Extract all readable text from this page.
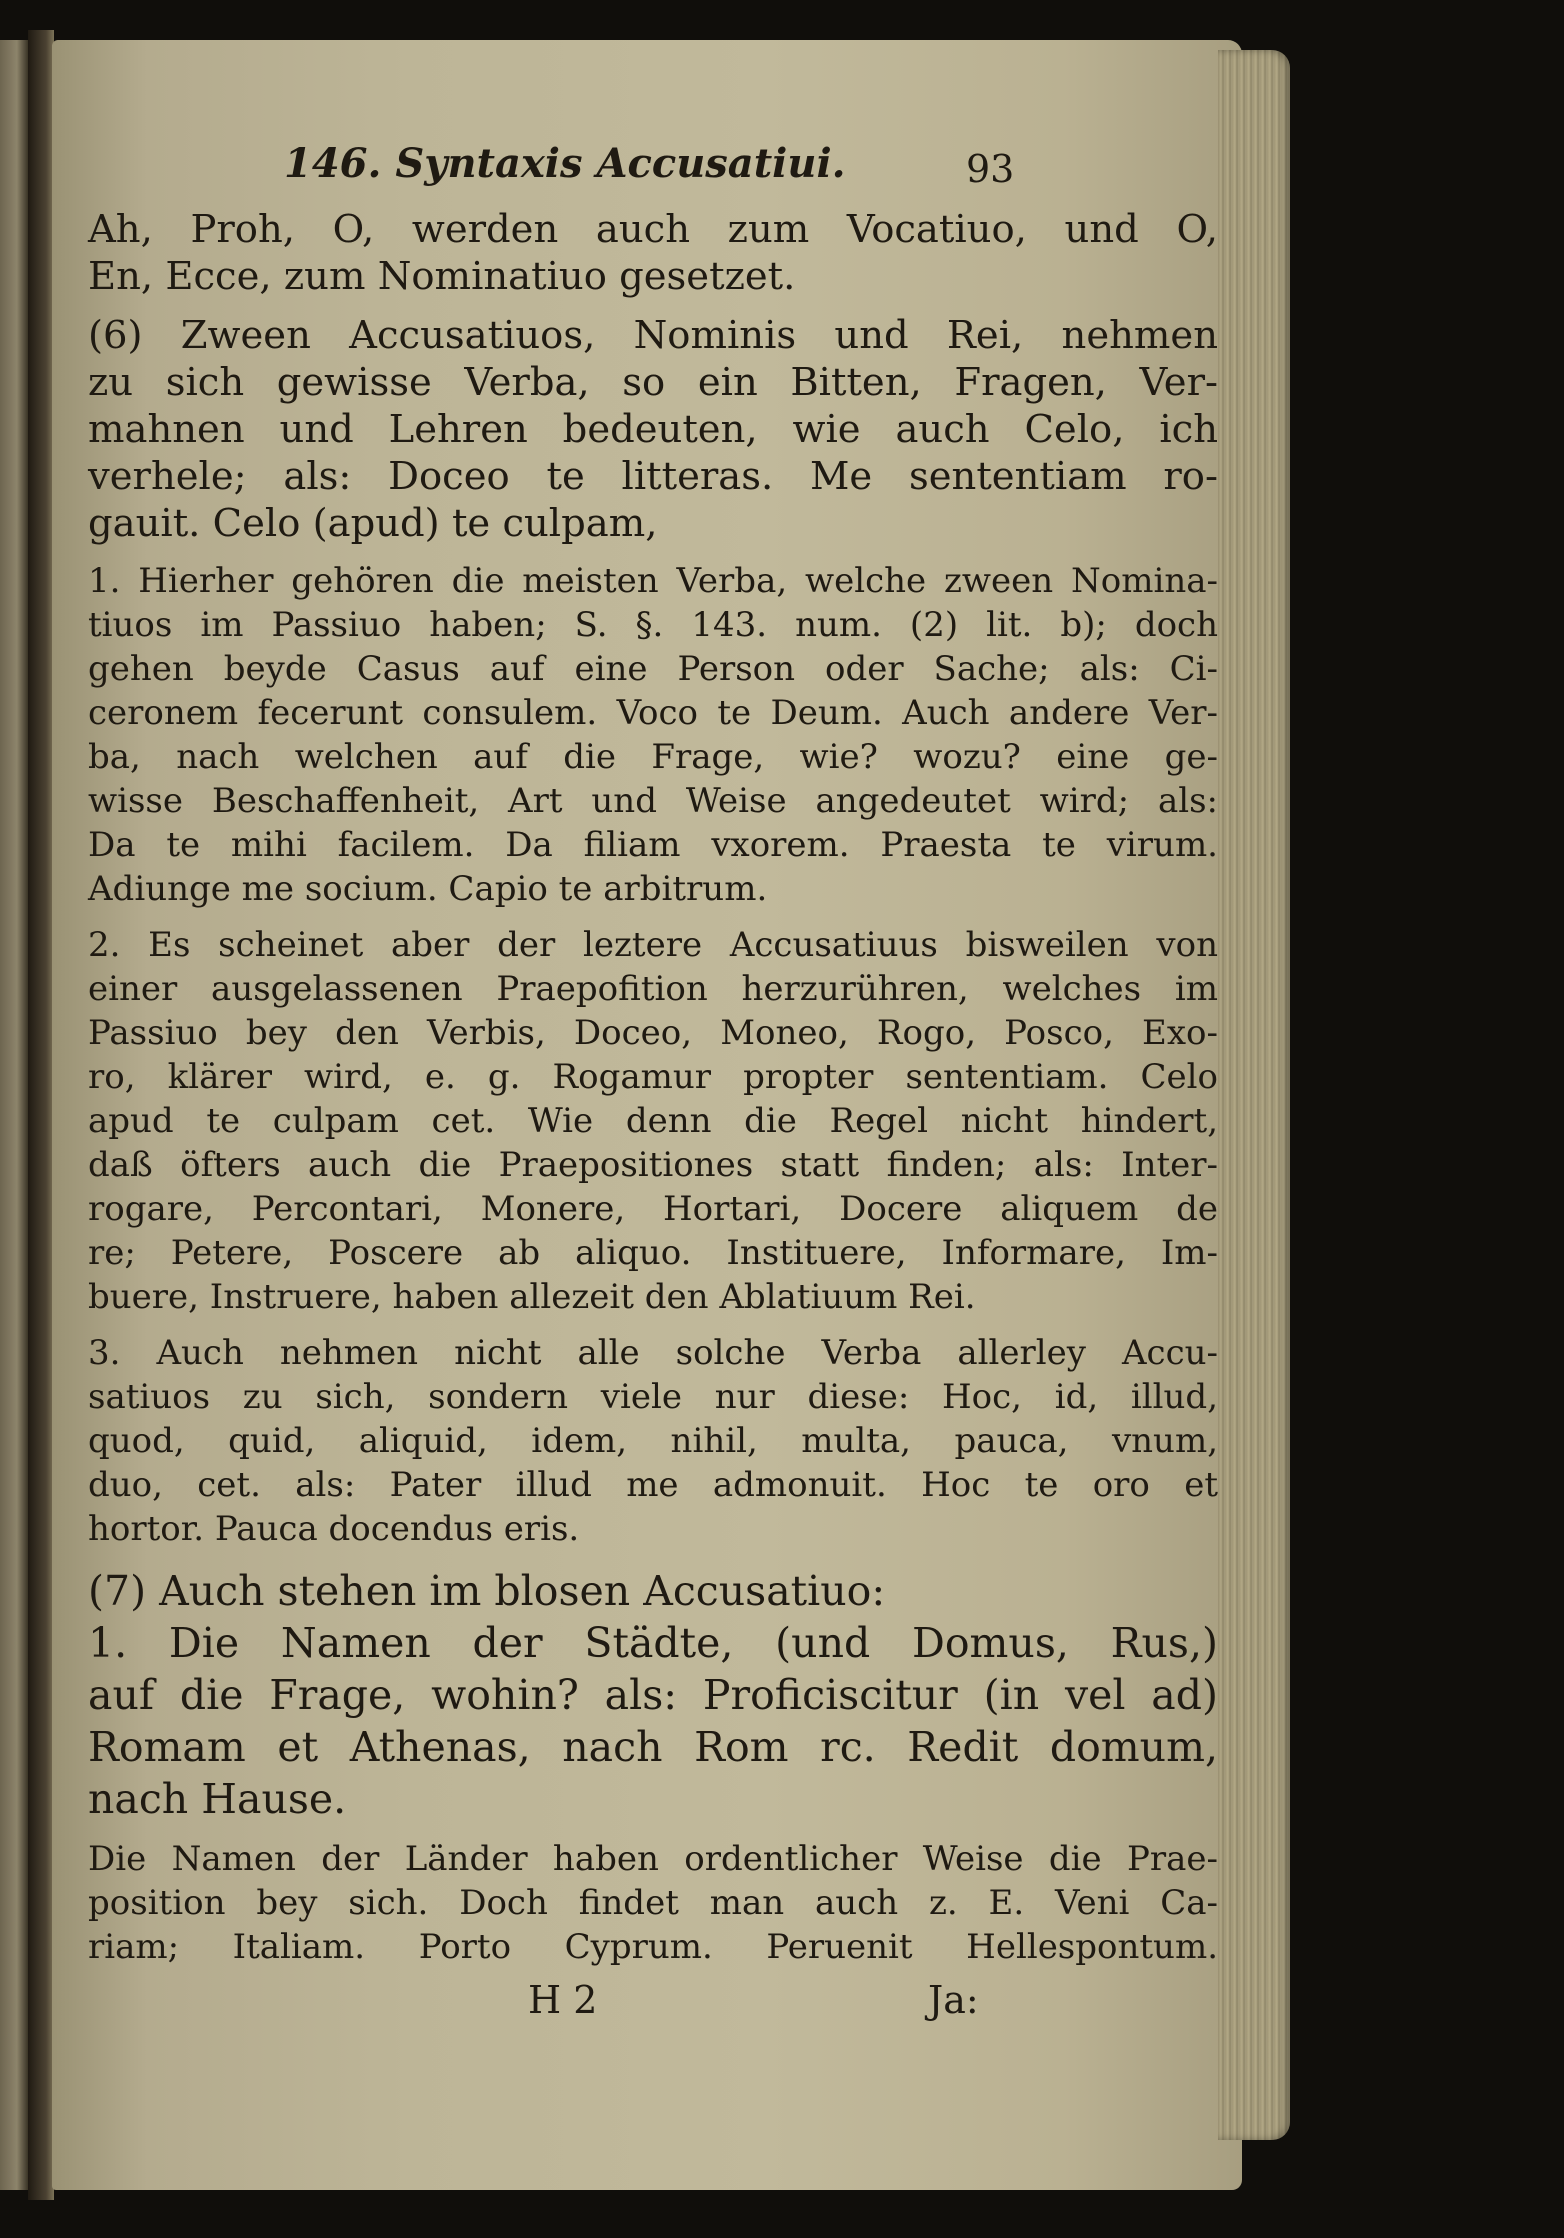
146. Syntaxis Accusatiui.	93
Ah, Proh, O, werden auch zum Vocatiuo, und O,
En, Ecce, zum Nominatiuo gesetzet.
(6) Zween Accusatiuos, Nominis und Rei, nehmen
zu sich gewisse Verba, so ein Bitten, Fragen, Ver-
mahnen und Lehren bedeuten, wie auch Celo, ich
verhele; als: Doceo te litteras. Me sententiam ro-
gauit. Celo (apud) te culpam,
1. Hierher gehören die meisten Verba, welche zween Nomina-
tiuos im Passiuo haben; S. §. 143. num. (2) lit. b); doch
gehen beyde Casus auf eine Person oder Sache; als: Ci-
ceronem fecerunt consulem. Voco te Deum. Auch andere Ver-
ba, nach welchen auf die Frage, wie? wozu? eine ge-
wisse Beschaffenheit, Art und Weise angedeutet wird; als:
Da te mihi facilem. Da filiam vxorem. Praesta te virum.
Adiunge me socium. Capio te arbitrum.
2. Es scheinet aber der leztere Accusatiuus bisweilen von
einer ausgelassenen Praepofition herzurühren, welches im
Passiuo bey den Verbis, Doceo, Moneo, Rogo, Posco, Exo-
ro, klärer wird, e. g. Rogamur propter sententiam. Celo
apud te culpam cet. Wie denn die Regel nicht hindert,
daß öfters auch die Praepositiones statt finden; als: Inter-
rogare, Percontari, Monere, Hortari, Docere aliquem de
re; Petere, Poscere ab aliquo. Instituere, Informare, Im-
buere, Instruere, haben allezeit den Ablatiuum Rei.
3. Auch nehmen nicht alle solche Verba allerley Accu-
satiuos zu sich, sondern viele nur diese: Hoc, id, illud,
quod, quid, aliquid, idem, nihil, multa, pauca, vnum,
duo, cet. als: Pater illud me admonuit. Hoc te oro et
hortor. Pauca docendus eris.
(7) Auch stehen im blosen Accusatiuo:
1. Die Namen der Städte, (und Domus, Rus,)
auf die Frage, wohin? als: Proficiscitur (in vel ad)
Romam et Athenas, nach Rom rc. Redit domum,
nach Hause.
Die Namen der Länder haben ordentlicher Weise die Prae-
position bey sich. Doch findet man auch z. E. Veni Ca-
riam; Italiam. Porto Cyprum. Peruenit Hellespontum.
H 2	Ja:
